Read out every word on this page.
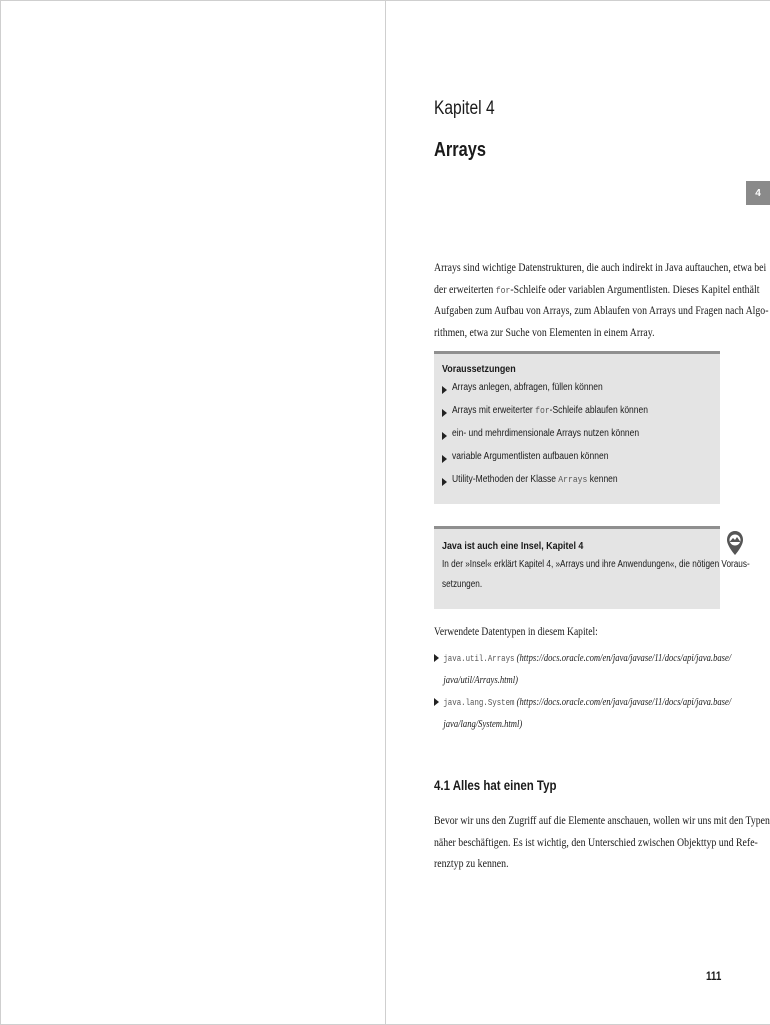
Kapitel 4
Arrays
4
Arrays sind wichtige Datenstrukturen, die auch indirekt in Java auftauchen, etwa bei
der erweiterten for-Schleife oder variablen Argumentlisten. Dieses Kapitel enthält
Aufgaben zum Aufbau von Arrays, zum Ablaufen von Arrays und Fragen nach Algo-
rithmen, etwa zur Suche von Elementen in einem Array.
Voraussetzungen
Arrays anlegen, abfragen, füllen können
Arrays mit erweiterter for-Schleife ablaufen können
ein- und mehrdimensionale Arrays nutzen können
variable Argumentlisten aufbauen können
Utility-Methoden der Klasse Arrays kennen
Java ist auch eine Insel, Kapitel 4
In der »Insel« erklärt Kapitel 4, »Arrays und ihre Anwendungen«, die nötigen Voraus-
setzungen.
Verwendete Datentypen in diesem Kapitel:
java.util.Arrays (https://docs.oracle.com/en/java/javase/11/docs/api/java.base/
java/util/Arrays.html)
java.lang.System (https://docs.oracle.com/en/java/javase/11/docs/api/java.base/
java/lang/System.html)
4.1 Alles hat einen Typ
Bevor wir uns den Zugriff auf die Elemente anschauen, wollen wir uns mit den Typen
näher beschäftigen. Es ist wichtig, den Unterschied zwischen Objekttyp und Refe-
renztyp zu kennen.
111
